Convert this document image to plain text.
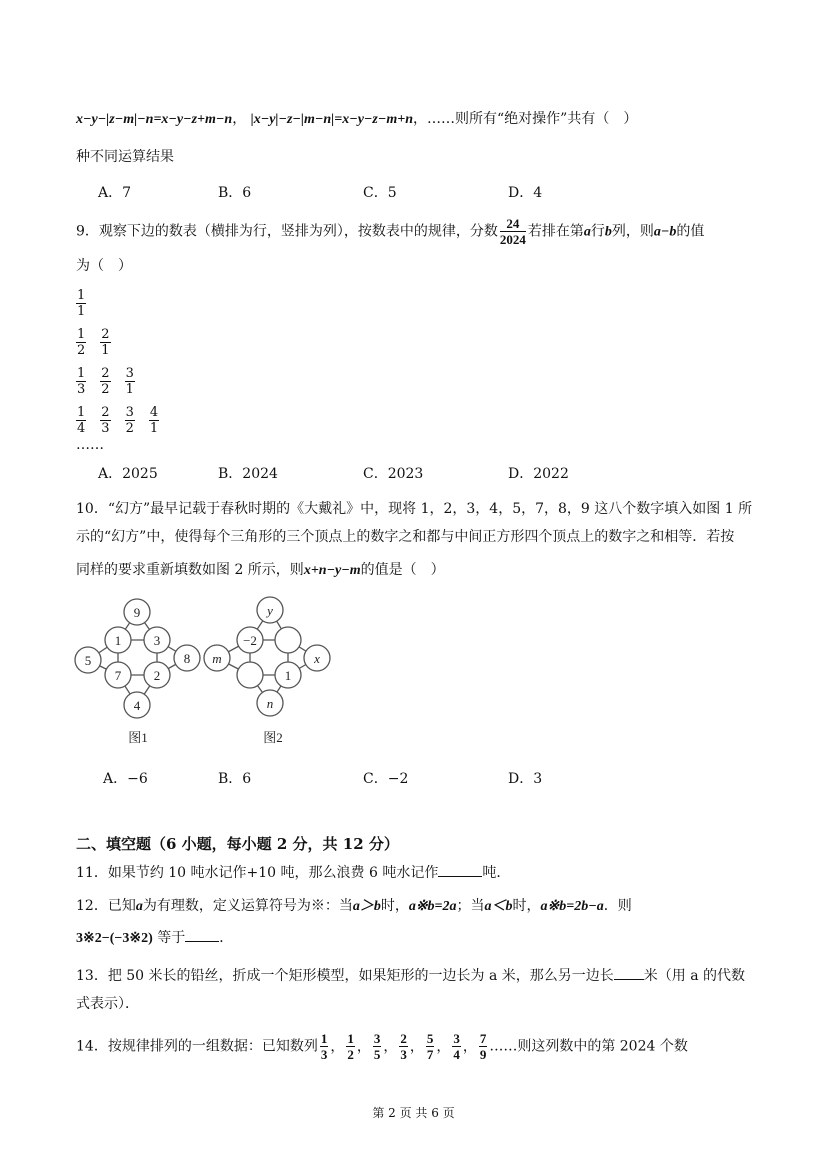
x−y−|z−m|−n=x−y−z+m−n， |x−y|−z−|m−n|=x−y−z−m+n，……则所有“绝对操作”共有（　）
种不同运算结果
A．7	B．6	C．5	D．4
9．观察下边的数表（横排为行，竖排为列），按数表中的规律，分数 $\frac{24}{2024}$ 若排在第a行b列，则a−b的值
为（　）
$\frac{1}{1}$
$\frac{1}{2} \frac{2}{1}$
$\frac{1}{3} \frac{2}{2} \frac{3}{1}$
$\frac{1}{4} \frac{2}{3} \frac{3}{2} \frac{4}{1}$
……
A．2025	B．2024	C．2023	D．2022
10．“幻方”最早记载于春秋时期的《大戴礼》中，现将 1，2，3，4，5，7，8，9 这八个数字填入如图 1 所
示的“幻方”中，使得每个三角形的三个顶点上的数字之和都与中间正方形四个顶点上的数字之和相等．若按
同样的要求重新填数如图 2 所示，则x+n−y−m的值是（　）
9
1	3
5	8
7	2
4
图1
y
−2
m	x
1
n
图2
A．−6	B．6	C．−2	D．3
二、填空题（6 小题，每小题 2 分，共 12 分）
11．如果节约 10 吨水记作+10 吨，那么浪费 6 吨水记作	吨．
12．已知a为有理数，定义运算符号为※：当a＞b时，a※b=2a；当a＜b时，a※b=2b−a．则
3※2−(−3※2) 等于 ．
13．把 50 米长的铅丝，折成一个矩形模型，如果矩形的一边长为 a 米，那么另一边长 米（用 a 的代数
式表示）．
14．按规律排列的一组数据：已知数列 $\frac{1}{3}$ ， $\frac{1}{2}$ ， $\frac{3}{5}$ ， $\frac{2}{3}$ ， $\frac{5}{7}$ ， $\frac{3}{4}$ ， $\frac{7}{9}$ ……则这列数中的第 2024 个数
第 2 页 共 6 页
